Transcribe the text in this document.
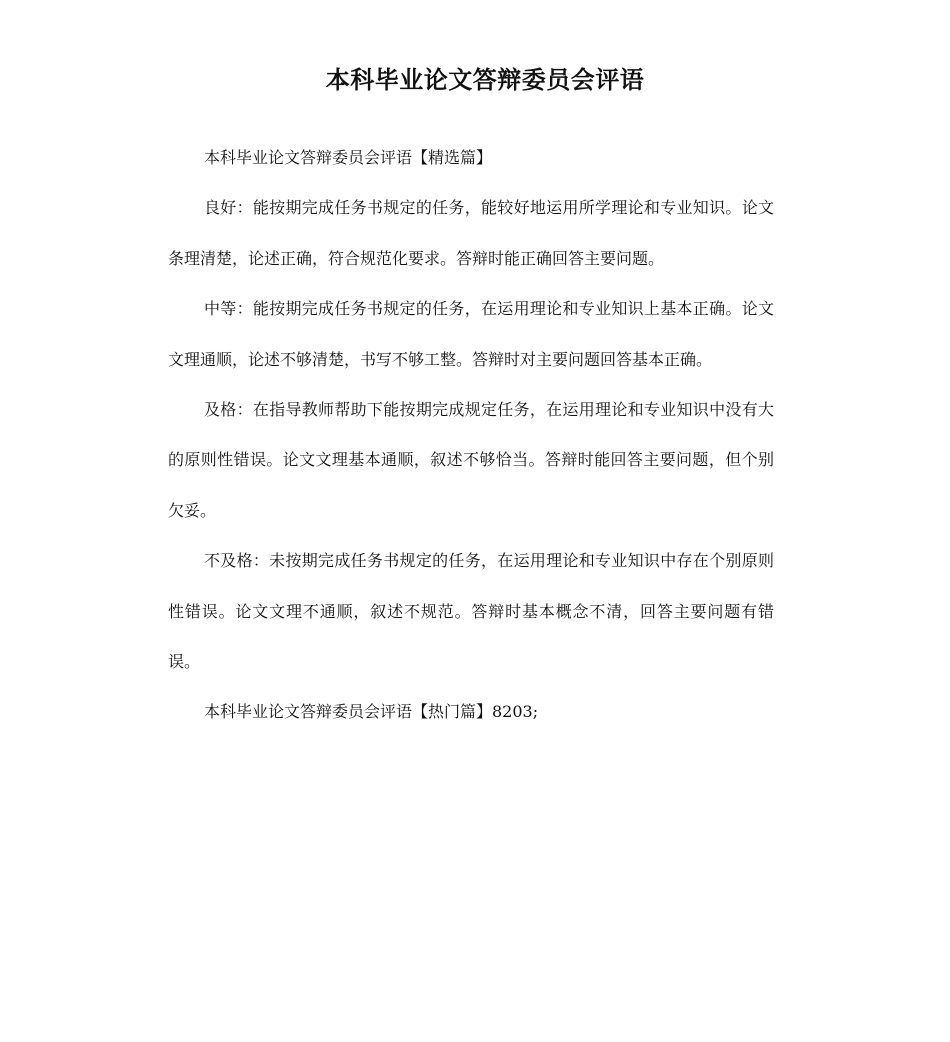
本科毕业论文答辩委员会评语

本科毕业论文答辩委员会评语【精选篇】

良好：能按期完成任务书规定的任务，能较好地运用所学理论和专业知识。论文条理清楚，论述正确，符合规范化要求。答辩时能正确回答主要问题。

中等：能按期完成任务书规定的任务，在运用理论和专业知识上基本正确。论文文理通顺，论述不够清楚，书写不够工整。答辩时对主要问题回答基本正确。

及格：在指导教师帮助下能按期完成规定任务，在运用理论和专业知识中没有大的原则性错误。论文文理基本通顺，叙述不够恰当。答辩时能回答主要问题，但个别欠妥。

不及格：未按期完成任务书规定的任务，在运用理论和专业知识中存在个别原则性错误。论文文理不通顺，叙述不规范。答辩时基本概念不清，回答主要问题有错误。

本科毕业论文答辩委员会评语【热门篇】8203;
